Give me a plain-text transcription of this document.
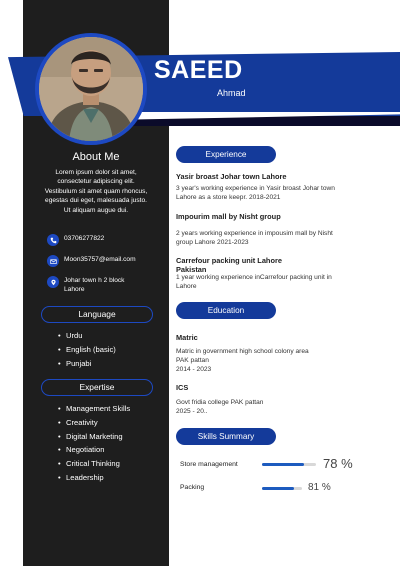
SAEED
Ahmad
About Me
Lorem ipsum dolor sit amet, consectetur adipiscing elit. Vestibulum sit amet quam rhoncus, egestas dui eget, malesuada justo. Ut aliquam augue dui.
03706277822
Moon35757@email.com
Johar town h 2 block
Lahore
Language
• Urdu
• English (basic)
• Punjabi
Expertise
• Management Skills
• Creativity
• Digital Marketing
• Negotiation
• Critical Thinking
• Leadership
Experience
Yasir broast Johar town Lahore
3 year's working experience in Yasir broast Johar town
Lahore as a store keepr. 2018-2021
Impourim mall by Nisht group
2 years working experience in impousim mall by Nisht
group Lahore 2021-2023
Carrefour packing unit Lahore
Pakistan
1 year working experience inCarrefour packing unit in
Lahore
Education
Matric
Matric in government high school colony area
PAK pattan
2014 - 2023
ICS
Govt fridia college PAK pattan
2025 - 20..
Skills Summary
Store management	78 %
Packing	81 %
